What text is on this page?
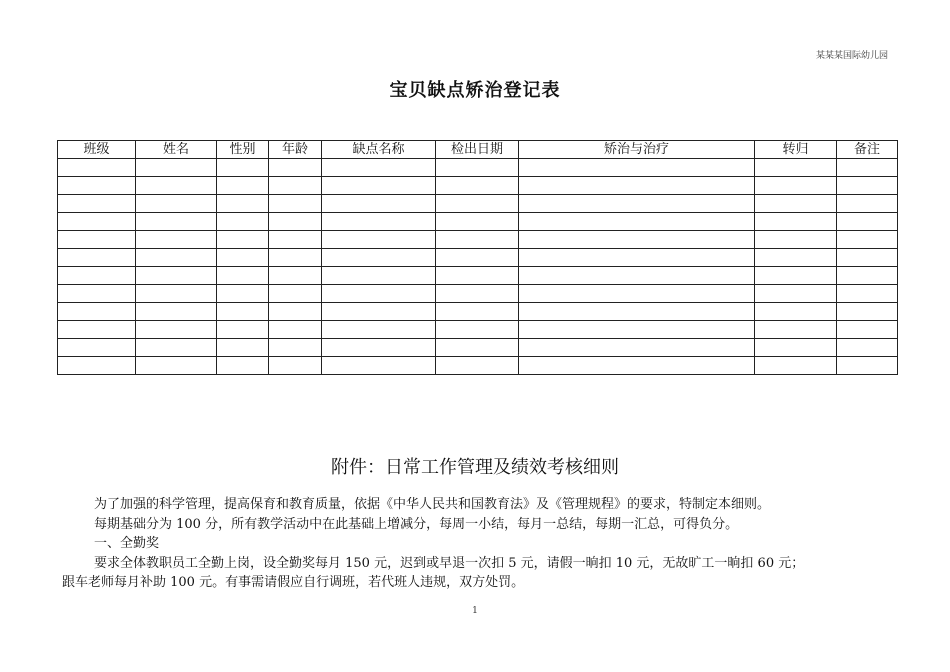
某某某国际幼儿园
宝贝缺点矫治登记表
班级	姓名	性别	年龄	缺点名称	检出日期	矫治与治疗	转归	备注

附件：日常工作管理及绩效考核细则

为了加强的科学管理，提高保育和教育质量，依据《中华人民共和国教育法》及《管理规程》的要求，特制定本细则。

每期基础分为 100 分，所有教学活动中在此基础上增减分，每周一小结，每月一总结，每期一汇总，可得负分。

一、全勤奖

要求全体教职员工全勤上岗，设全勤奖每月 150 元，迟到或早退一次扣 5 元，请假一晌扣 10 元，无故旷工一晌扣 60 元；

跟车老师每月补助 100 元。有事需请假应自行调班，若代班人违规，双方处罚。

1
